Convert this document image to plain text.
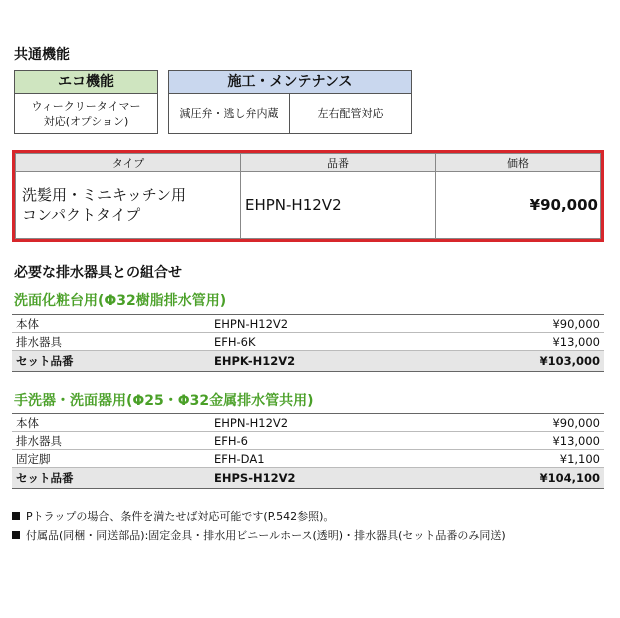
共通機能
エコ機能
ウィークリータイマー
対応(オプション)
施工・メンテナンス
減圧弁・逃し弁内蔵	左右配管対応
タイプ	品番	価格

洗髪用・ミニキッチン用
コンパクトタイプ	EHPN-H12V2	¥90,000
必要な排水器具との組合せ
洗面化粧台用(Φ32樹脂排水管用)
本体	EHPN-H12V2	¥90,000
排水器具	EFH-6K	¥13,000
セット品番	EHPK-H12V2	¥103,000
手洗器・洗面器用(Φ25・Φ32金属排水管共用)
本体	EHPN-H12V2	¥90,000
排水器具	EFH-6	¥13,000
固定脚	EFH-DA1	¥1,100
セット品番	EHPS-H12V2	¥104,100
Pトラップの場合、条件を満たせば対応可能です(P.542参照)。
付属品(同梱・同送部品):固定金具・排水用ビニールホース(透明)・排水器具(セット品番のみ同送)
